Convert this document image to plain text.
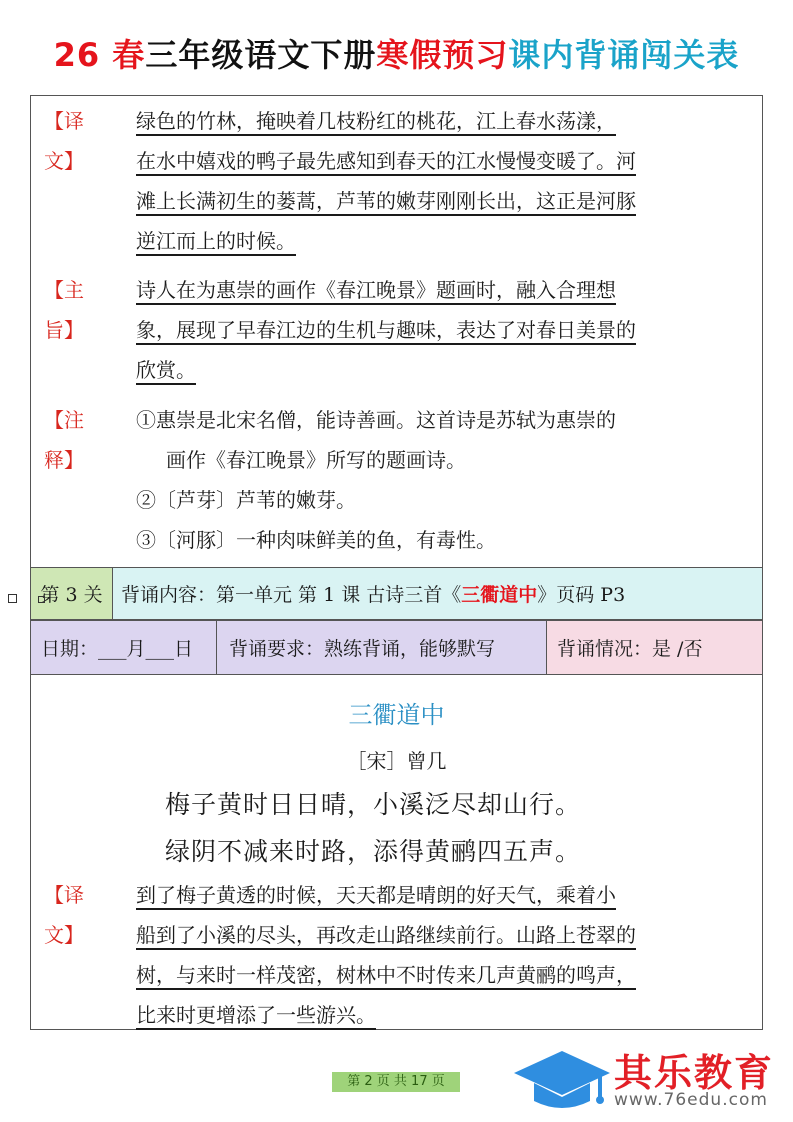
26 春三年级语文下册寒假预习课内背诵闯关表
【译文】
绿色的竹林，掩映着几枝粉红的桃花，江上春水荡漾，
在水中嬉戏的鸭子最先感知到春天的江水慢慢变暖了。河
滩上长满初生的蒌蒿，芦苇的嫩芽刚刚长出，这正是河豚
逆江而上的时候。
【主旨】
诗人在为惠崇的画作《春江晚景》题画时，融入合理想
象，展现了早春江边的生机与趣味，表达了对春日美景的
欣赏。
【注释】
①惠崇是北宋名僧，能诗善画。这首诗是苏轼为惠崇的
画作《春江晚景》所写的题画诗。
②〔芦芽〕芦苇的嫩芽。
③〔河豚〕一种肉味鲜美的鱼，有毒性。
第 3 关 背诵内容：第一单元 第 1 课 古诗三首《 三衢道中 》页码 P3
日期：___月___日 背诵要求：熟练背诵，能够默写	背诵情况：是 /否
三衢道中
［宋］曾几
梅子黄时日日晴，小溪泛尽却山行。
绿阴不减来时路，添得黄鹂四五声。
【译文】
到了梅子黄透的时候，天天都是晴朗的好天气，乘着小
船到了小溪的尽头，再改走山路继续前行。山路上苍翠的
树，与来时一样茂密，树林中不时传来几声黄鹂的鸣声，
比来时更增添了一些游兴。
第 2 页 共 17 页	其乐教育
www.76edu.com
